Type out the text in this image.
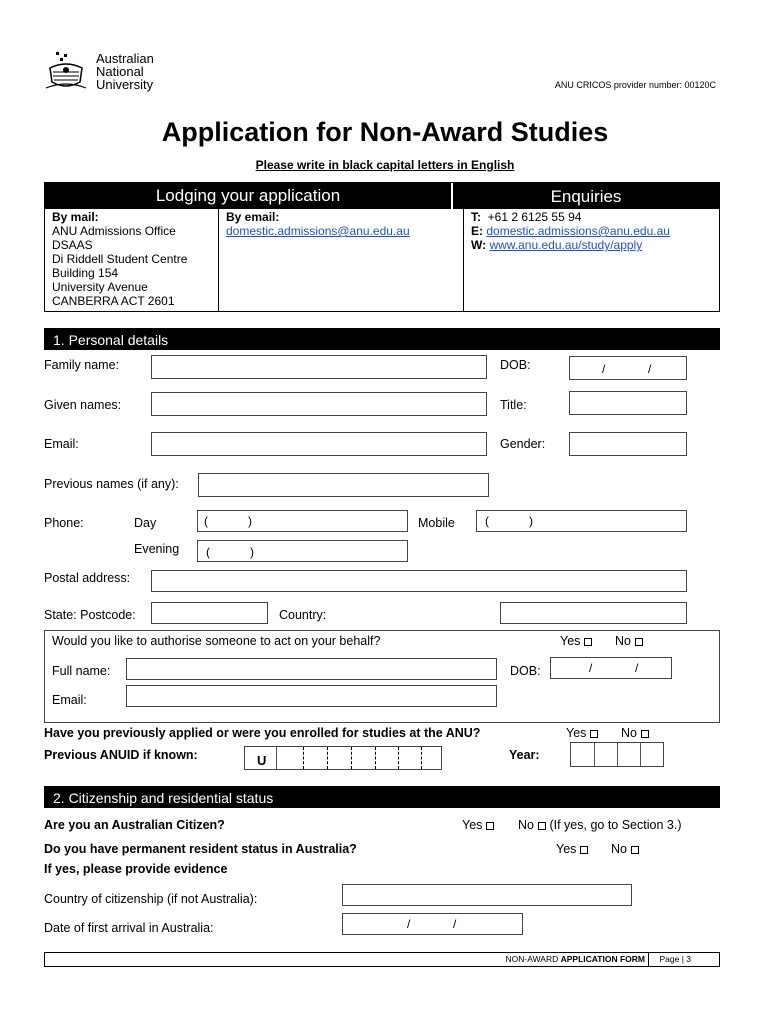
Australian
National
University	ANU CRICOS provider number: 00120C
Application for Non-Award Studies
Please write in black capital letters in English
Lodging your application	Enquiries
By mail:
ANU Admissions Office
DSAAS
Di Riddell Student Centre
Building 154
University Avenue
CANBERRA ACT 2601
By email:
domestic.admissions@anu.edu.au
T: +61 2 6125 55 94
E: domestic.admissions@anu.edu.au
W: www.anu.edu.au/study/apply
1. Personal details
Family name:	DOB:	/	/
Given names:	Title:
Email:	Gender:
Previous names (if any):
Phone:	Day	(	)	Mobile	(	)
Evening (	)
Postal address:
State: Postcode:	Country:
Would you like to authorise someone to act on your behalf?	Yes	No
Full name:	DOB:	/	/
Email:
Have you previously applied or were you enrolled for studies at the ANU?	Yes	No
Previous ANUID if known:	U	Year:
2. Citizenship and residential status
Are you an Australian Citizen?	Yes	No (If yes, go to Section 3.)
Do you have permanent resident status in Australia?	Yes	No
If yes, please provide evidence
Country of citizenship (if not Australia):
Date of first arrival in Australia:	/	/
NON-AWARD APPLICATION FORM Page | 3
